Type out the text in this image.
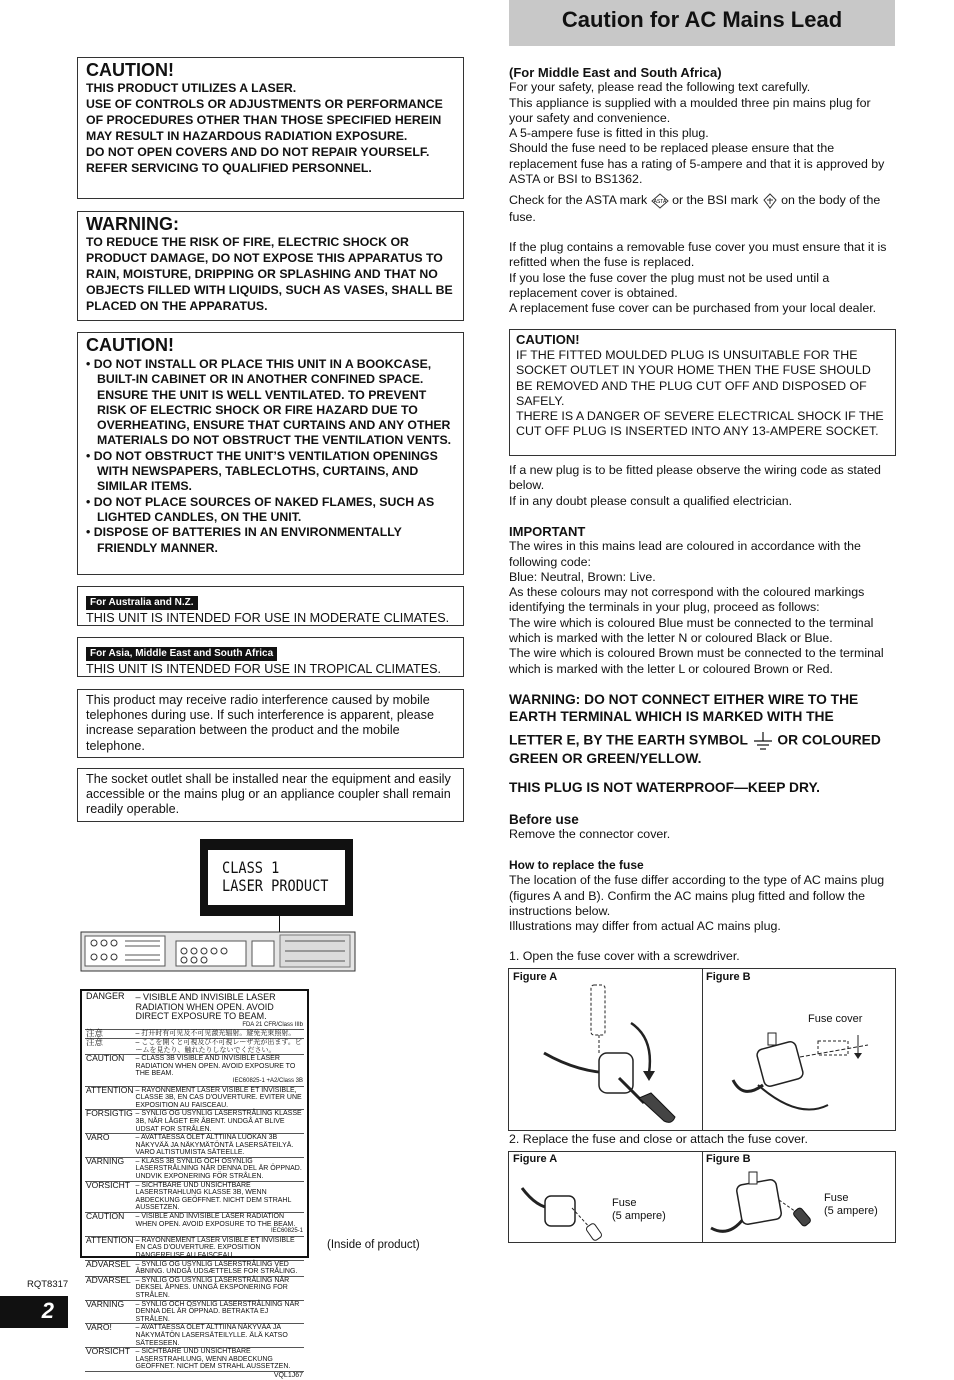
CAUTION!

THIS PRODUCT UTILIZES A LASER.

USE OF CONTROLS OR ADJUSTMENTS OR PERFORMANCE OF PROCEDURES OTHER THAN THOSE SPECIFIED HEREIN MAY RESULT IN HAZARDOUS RADIATION EXPOSURE.

DO NOT OPEN COVERS AND DO NOT REPAIR YOURSELF. REFER SERVICING TO QUALIFIED PERSONNEL.

WARNING:
TO REDUCE THE RISK OF FIRE, ELECTRIC SHOCK OR PRODUCT DAMAGE, DO NOT EXPOSE THIS APPARATUS TO RAIN, MOISTURE, DRIPPING OR SPLASHING AND THAT NO OBJECTS FILLED WITH LIQUIDS, SUCH AS VASES, SHALL BE PLACED ON THE APPARATUS.
CAUTION!
• DO NOT INSTALL OR PLACE THIS UNIT IN A BOOKCASE, BUILT-IN CABINET OR IN ANOTHER CONFINED SPACE. ENSURE THE UNIT IS WELL VENTILATED. TO PREVENT RISK OF ELECTRIC SHOCK OR FIRE HAZARD DUE TO OVERHEATING, ENSURE THAT CURTAINS AND ANY OTHER MATERIALS DO NOT OBSTRUCT THE VENTILATION VENTS.
• DO NOT OBSTRUCT THE UNIT’S VENTILATION OPENINGS WITH NEWSPAPERS, TABLECLOTHS, CURTAINS, AND SIMILAR ITEMS.
• DO NOT PLACE SOURCES OF NAKED FLAMES, SUCH AS LIGHTED CANDLES, ON THE UNIT.
• DISPOSE OF BATTERIES IN AN ENVIRONMENTALLY FRIENDLY MANNER.
For Australia and N.Z.
THIS UNIT IS INTENDED FOR USE IN MODERATE CLIMATES.
For Asia, Middle East and South Africa
THIS UNIT IS INTENDED FOR USE IN TROPICAL CLIMATES.
This product may receive radio interference caused by mobile telephones during use. If such interference is apparent, please increase separation between the product and the mobile telephone.
The socket outlet shall be installed near the equipment and easily accessible or the mains plug or an appliance coupler shall remain readily operable.
CLASS 1
LASER PRODUCT
DANGER	– VISIBLE AND INVISIBLE LASER RADIATION WHEN OPEN. AVOID DIRECT EXPOSURE TO BEAM.
FDA 21 CFR/Class IIIb

注意	– 打开时有可见及不可见激光辐射。避免光束照射。
注意	– ここを開くと可視及び不可視レーザ光が出ます。ビームを見たり、触れたりしないでください。
CAUTION	– CLASS 3B VISIBLE AND INVISIBLE LASER RADIATION WHEN OPEN. AVOID EXPOSURE TO THE BEAM.
IEC60825-1 +A2/Class 3B

ATTENTION	– RAYONNEMENT LASER VISIBLE ET INVISIBLE, CLASSE 3B, EN CAS D'OUVERTURE. EVITER UNE EXPOSITION AU FAISCEAU.
FORSIGTIG	– SYNLIG OG USYNLIG LASERSTRÅLING KLASSE 3B, NÅR LÅGET ER ÅBENT. UNDGÅ AT BLIVE UDSAT FOR STRÅLEN.
VARO	– AVATTAESSA OLET ALTTIINA LUOKAN 3B NÄKYVÄÄ JA NÄKYMÄTÖNTÄ LASERSÄTEILYÄ. VARO ALTISTUMISTA SÄTEELLE.
VARNING	– KLASS 3B SYNLIG OCH OSYNLIG LASERSTRÅLNING NÄR DENNA DEL ÄR ÖPPNAD. UNDVIK EXPONERING FÖR STRÅLEN.
VORSICHT	– SICHTBARE UND UNSICHTBARE LASERSTRAHLUNG KLASSE 3B, WENN ABDECKUNG GEÖFFNET. NICHT DEM STRAHL AUSSETZEN.
CAUTION	– VISIBLE AND INVISIBLE LASER RADIATION WHEN OPEN. AVOID EXPOSURE TO THE BEAM.
IEC60825-1

ATTENTION	– RAYONNEMENT LASER VISIBLE ET INVISIBLE EN CAS D'OUVERTURE. EXPOSITION DANGEREUSE AU FAISCEAU.
ADVARSEL	– SYNLIG OG USYNLIG LASERSTRÅLING VED ÅBNING. UNDGÅ UDSÆTTELSE FOR STRÅLING.
ADVARSEL	– SYNLIG OG USYNLIG LASERSTRÅLING NÅR DEKSEL ÅPNES. UNNGÅ EKSPONERING FOR STRÅLEN.
VARNING	– SYNLIG OCH OSYNLIG LASERSTRÅLNING NÄR DENNA DEL ÄR ÖPPNAD. BETRAKTA EJ STRÅLEN.
VARO!	– AVATTAESSA OLET ALTTIINA NÄKYVÄÄ JA NÄKYMÄTÖN LASERSÄTEILYLLE. ÄLÄ KATSO SÄTEESEEN.
VORSICHT	– SICHTBARE UND UNSICHTBARE LASERSTRAHLUNG, WENN ABDECKUNG GEÖFFNET. NICHT DEM STRAHL AUSSETZEN.
VQL1J67	
(Inside of product)
RQT8317
2
Caution for AC Mains Lead
(For Middle East and South Africa)

For your safety, please read the following text carefully.

This appliance is supplied with a moulded three pin mains plug for your safety and convenience.

A 5-ampere fuse is fitted in this plug.

Should the fuse need to be replaced please ensure that the replacement fuse has a rating of 5-ampere and that it is approved by ASTA or BSI to BS1362.

Check for the ASTA mark ASTA or the BSI mark on the body of the fuse.

If the plug contains a removable fuse cover you must ensure that it is refitted when the fuse is replaced.

If you lose the fuse cover the plug must not be used until a replacement cover is obtained.

A replacement fuse cover can be purchased from your local dealer.

CAUTION!

IF THE FITTED MOULDED PLUG IS UNSUITABLE FOR THE SOCKET OUTLET IN YOUR HOME THEN THE FUSE SHOULD BE REMOVED AND THE PLUG CUT OFF AND DISPOSED OF SAFELY.

THERE IS A DANGER OF SEVERE ELECTRICAL SHOCK IF THE CUT OFF PLUG IS INSERTED INTO ANY 13-AMPERE SOCKET.

If a new plug is to be fitted please observe the wiring code as stated below.

If in any doubt please consult a qualified electrician.

IMPORTANT

The wires in this mains lead are coloured in accordance with the following code:

Blue: Neutral, Brown: Live.

As these colours may not correspond with the coloured markings identifying the terminals in your plug, proceed as follows:

The wire which is coloured Blue must be connected to the terminal which is marked with the letter N or coloured Black or Blue.

The wire which is coloured Brown must be connected to the terminal which is marked with the letter L or coloured Brown or Red.

WARNING: DO NOT CONNECT EITHER WIRE TO THE EARTH TERMINAL WHICH IS MARKED WITH THE
LETTER E, BY THE EARTH SYMBOL OR COLOURED
GREEN OR GREEN/YELLOW.
THIS PLUG IS NOT WATERPROOF—KEEP DRY.
Before use

Remove the connector cover.

How to replace the fuse

The location of the fuse differ according to the type of AC mains plug (figures A and B). Confirm the AC mains plug fitted and follow the instructions below.

Illustrations may differ from actual AC mains plug.

1. Open the fuse cover with a screwdriver.
Figure A	Figure B
Fuse cover
2. Replace the fuse and close or attach the fuse cover.
Figure A
Fuse
(5 ampere)
Figure B
Fuse
(5 ampere)
